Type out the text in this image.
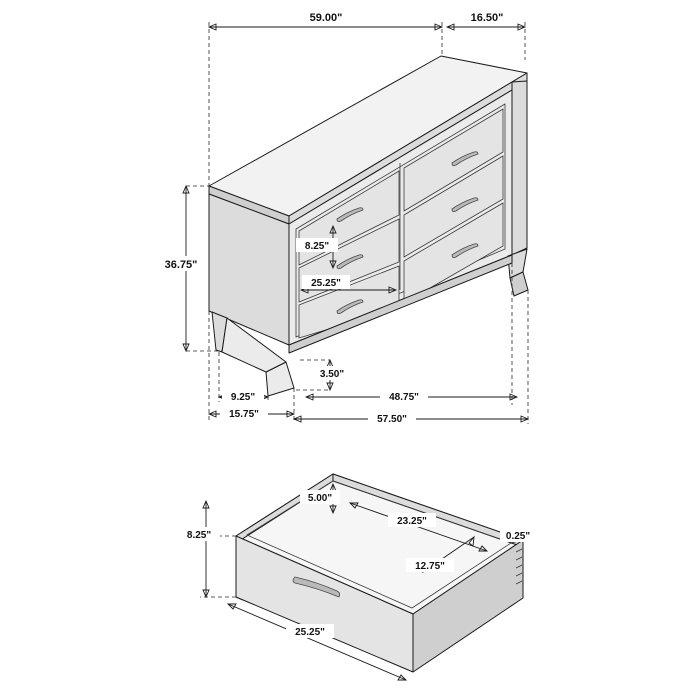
59.00"	16.50"
36.75"
8.25"
25.25"
3.50"
9.25"
15.75"
48.75"
57.50"
5.00"
23.25"
12.75"
0.25"
8.25"
25.25"
